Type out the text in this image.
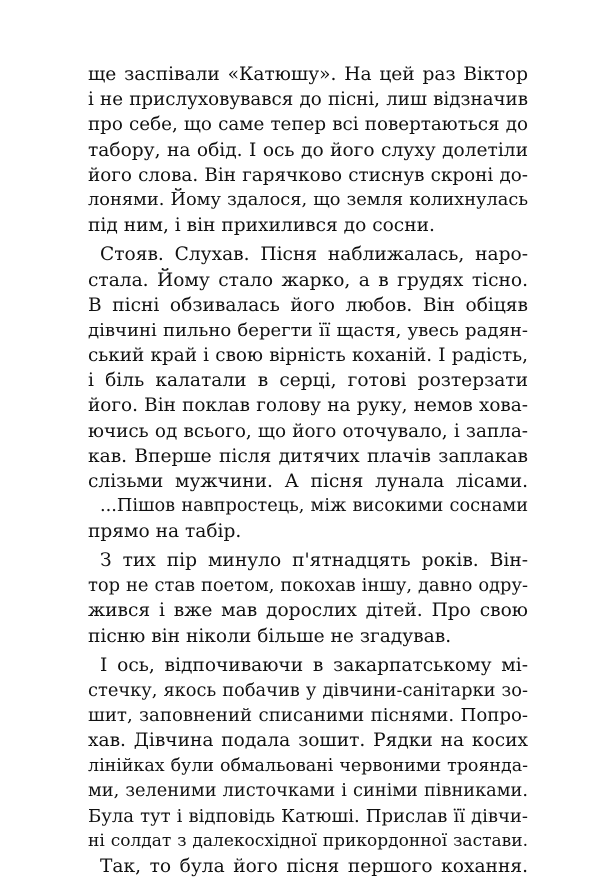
ще заспівали «Катюшу». На цей раз Віктор
і не прислуховувався до пісні, лиш відзначив
про себе, що саме тепер всі повертаються до
табору, на обід. І ось до його слуху долетіли
його слова. Він гарячково стиснув скроні до-
лонями. Йому здалося, що земля колихнулась
під ним, і він прихилився до сосни.
Стояв. Слухав. Пісня наближалась, наро-
стала. Йому стало жарко, а в грудях тісно.
В пісні обзивалась його любов. Він обіцяв
дівчині пильно берегти її щастя, увесь радян-
ський край і свою вірність коханій. І радість,
і біль калатали в серці, готові розтерзати
його. Він поклав голову на руку, немов хова-
ючись од всього, що його оточувало, і запла-
кав. Вперше після дитячих плачів заплакав
слізьми мужчини. А пісня лунала лісами.
...Пішов навпростець, між високими соснами
прямо на табір.
З тих пір минуло п'ятнадцять років. Він-
тор не став поетом, покохав іншу, давно одру-
жився і вже мав дорослих дітей. Про свою
пісню він ніколи більше не згадував.
І ось, відпочиваючи в закарпатському мі-
стечку, якось побачив у дівчини-санітарки зо-
шит, заповнений списаними піснями. Попро-
хав. Дівчина подала зошит. Рядки на косих
лінійках були обмальовані червоними троянда-
ми, зеленими листочками і синіми півниками.
Була тут і відповідь Катюші. Прислав її дівчи-
ні солдат з далекосхідної прикордонної застави.
Так, то була його пісня першого кохання.
